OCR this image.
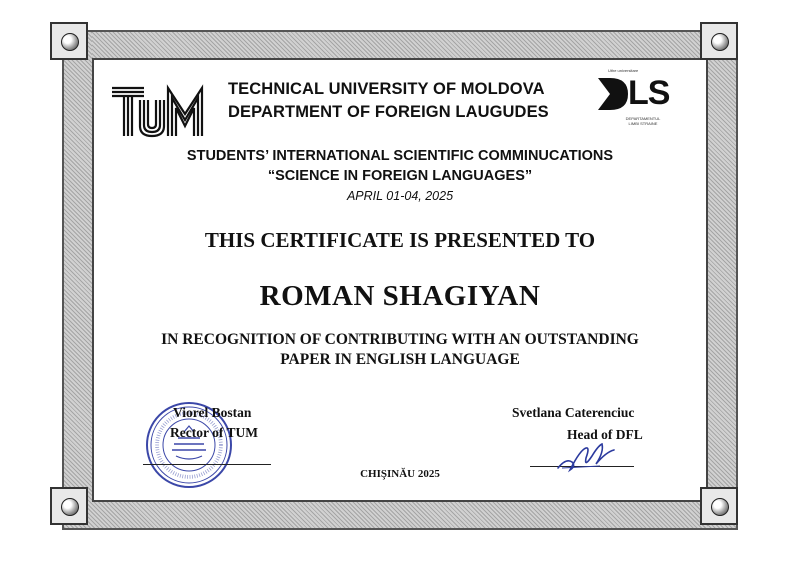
Uthe universitare
LS
DEPARTAMENTUL LIMBI STRAINE
TECHNICAL UNIVERSITY OF MOLDOVA
DEPARTMENT OF FOREIGN LAUGUDES
STUDENTS’ INTERNATIONAL SCIENTIFIC COMMINUCATIONS
“SCIENCE IN FOREIGN LANGUAGES”
APRIL 01-04, 2025
THIS CERTIFICATE IS PRESENTED TO
ROMAN SHAGIYAN
IN RECOGNITION OF CONTRIBUTING WITH AN OUTSTANDING
PAPER IN ENGLISH LANGUAGE
Viorel Bostan
Rector of TUM
Svetlana Caterenciuc
Head of DFL
CHIŞINĂU 2025
